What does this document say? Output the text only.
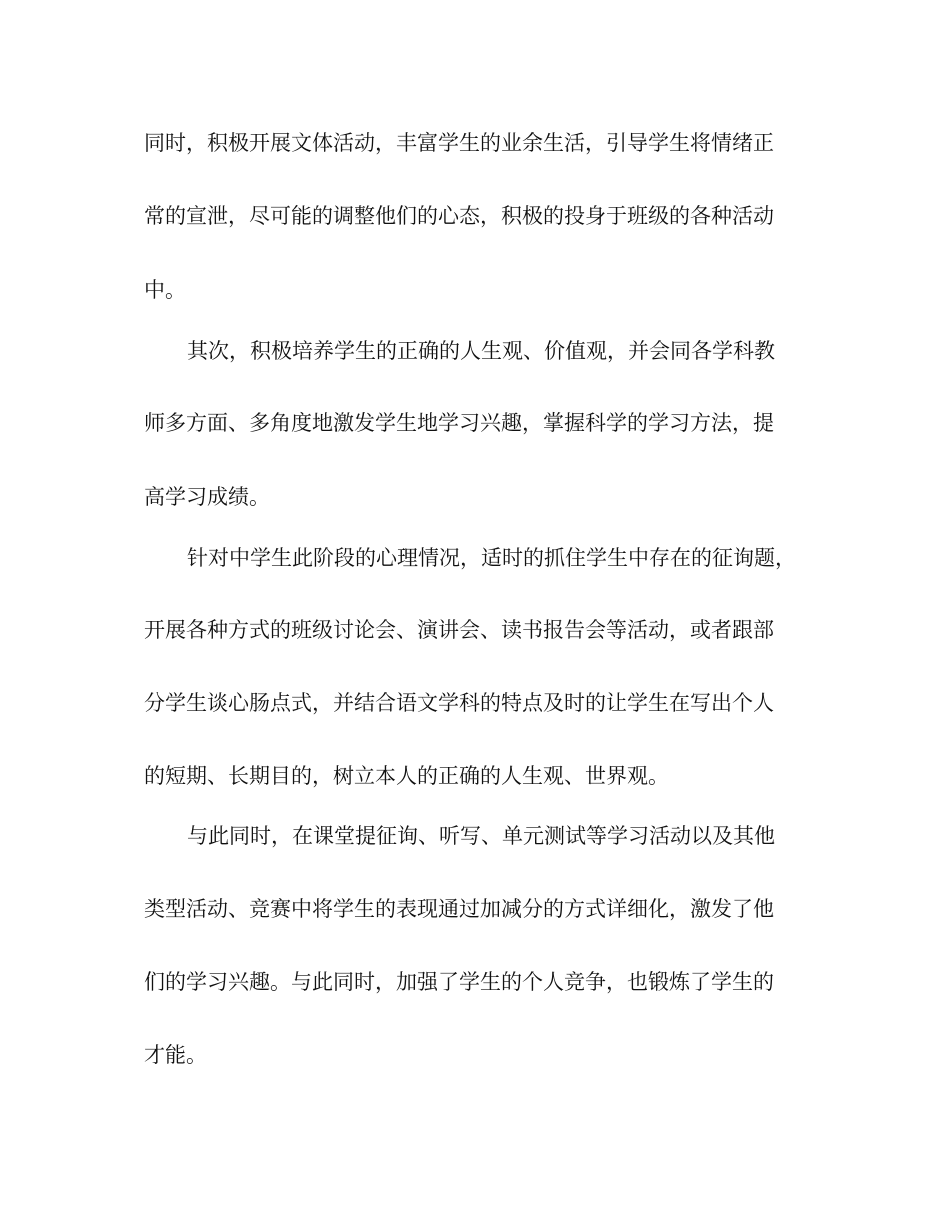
同时，积极开展文体活动，丰富学生的业余生活，引导学生将情绪正

常的宣泄，尽可能的调整他们的心态，积极的投身于班级的各种活动

中。

其次，积极培养学生的正确的人生观、价值观，并会同各学科教

师多方面、多角度地激发学生地学习兴趣，掌握科学的学习方法，提

高学习成绩。

针对中学生此阶段的心理情况，适时的抓住学生中存在的征询题，

开展各种方式的班级讨论会、演讲会、读书报告会等活动，或者跟部

分学生谈心肠点式，并结合语文学科的特点及时的让学生在写出个人

的短期、长期目的，树立本人的正确的人生观、世界观。

与此同时，在课堂提征询、听写、单元测试等学习活动以及其他

类型活动、竞赛中将学生的表现通过加减分的方式详细化，激发了他

们的学习兴趣。与此同时，加强了学生的个人竞争，也锻炼了学生的

才能。
